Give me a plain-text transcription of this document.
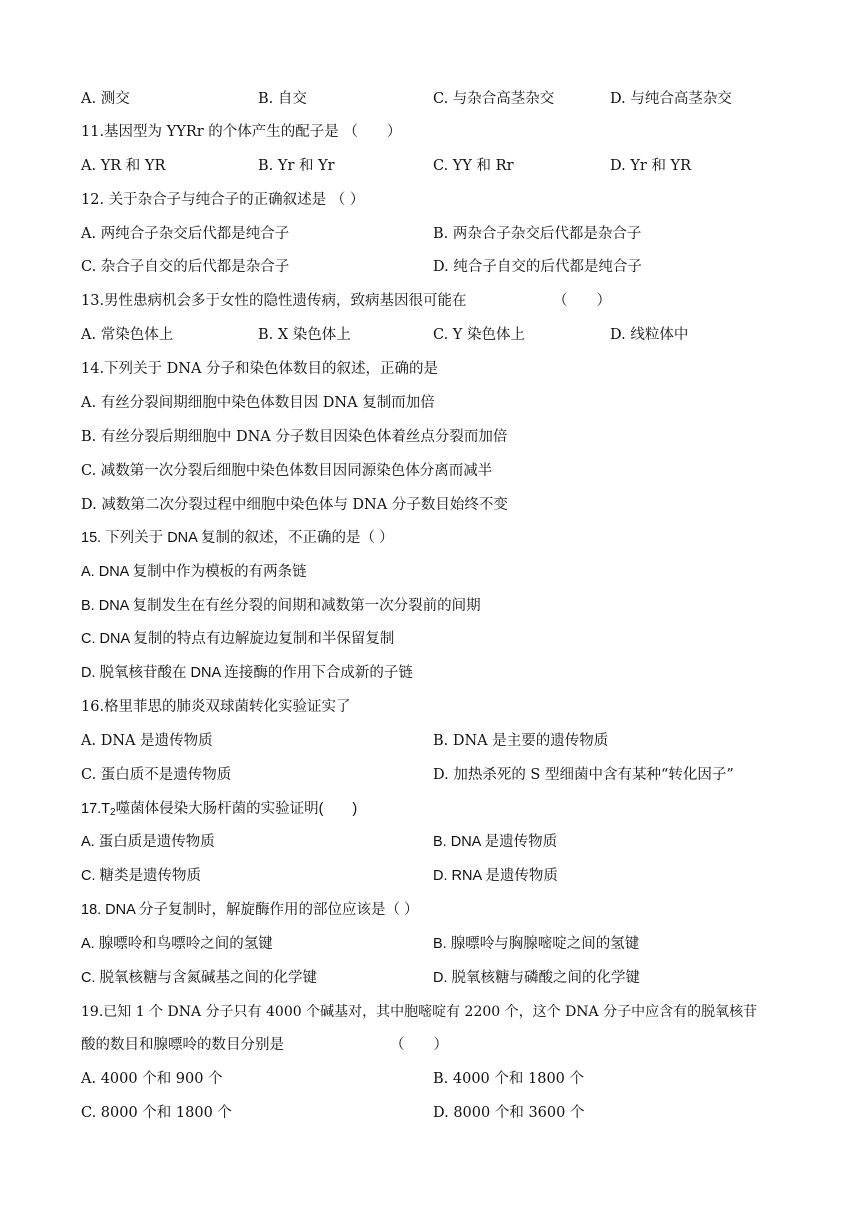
A. 测交	B. 自交	C. 与杂合高茎杂交	D. 与纯合高茎杂交
11.基因型为 YYRr 的个体产生的配子是 （　　）
A. YR 和 YR	B. Yr 和 Yr	C. YY 和 Rr	D. Yr 和 YR
12. 关于杂合子与纯合子的正确叙述是 （ ）
A. 两纯合子杂交后代都是纯合子	B. 两杂合子杂交后代都是杂合子
C. 杂合子自交的后代都是杂合子	D. 纯合子自交的后代都是纯合子
13.男性患病机会多于女性的隐性遗传病，致病基因很可能在	（　　）
A. 常染色体上	B. X 染色体上	C. Y 染色体上	D. 线粒体中
14.下列关于 DNA 分子和染色体数目的叙述，正确的是
A. 有丝分裂间期细胞中染色体数目因 DNA 复制而加倍
B. 有丝分裂后期细胞中 DNA 分子数目因染色体着丝点分裂而加倍
C. 减数第一次分裂后细胞中染色体数目因同源染色体分离而减半
D. 减数第二次分裂过程中细胞中染色体与 DNA 分子数目始终不变
15. 下列关于 DNA 复制的叙述，不正确的是（ ）
A. DNA 复制中作为模板的有两条链
B. DNA 复制发生在有丝分裂的间期和减数第一次分裂前的间期
C. DNA 复制的特点有边解旋边复制和半保留复制
D. 脱氧核苷酸在 DNA 连接酶的作用下合成新的子链
16.格里菲思的肺炎双球菌转化实验证实了
A. DNA 是遗传物质	B. DNA 是主要的遗传物质
C. 蛋白质不是遗传物质	D. 加热杀死的 S 型细菌中含有某种“转化因子”
$17.T_2$噬菌体侵染大肠杆菌的实验证明(　　)
A. 蛋白质是遗传物质	B. DNA 是遗传物质
C. 糖类是遗传物质	D. RNA 是遗传物质
18. DNA 分子复制时，解旋酶作用的部位应该是（ ）
A. 腺嘌呤和鸟嘌呤之间的氢键	B. 腺嘌呤与胸腺嘧啶之间的氢键
C. 脱氧核糖与含氮碱基之间的化学键	D. 脱氧核糖与磷酸之间的化学键
19.已知 1 个 DNA 分子只有 4000 个碱基对，其中胞嘧啶有 2200 个，这个 DNA 分子中应含有的脱氧核苷
酸的数目和腺嘌呤的数目分别是	（　　）
A. 4000 个和 900 个	B. 4000 个和 1800 个
C. 8000 个和 1800 个	D. 8000 个和 3600 个
